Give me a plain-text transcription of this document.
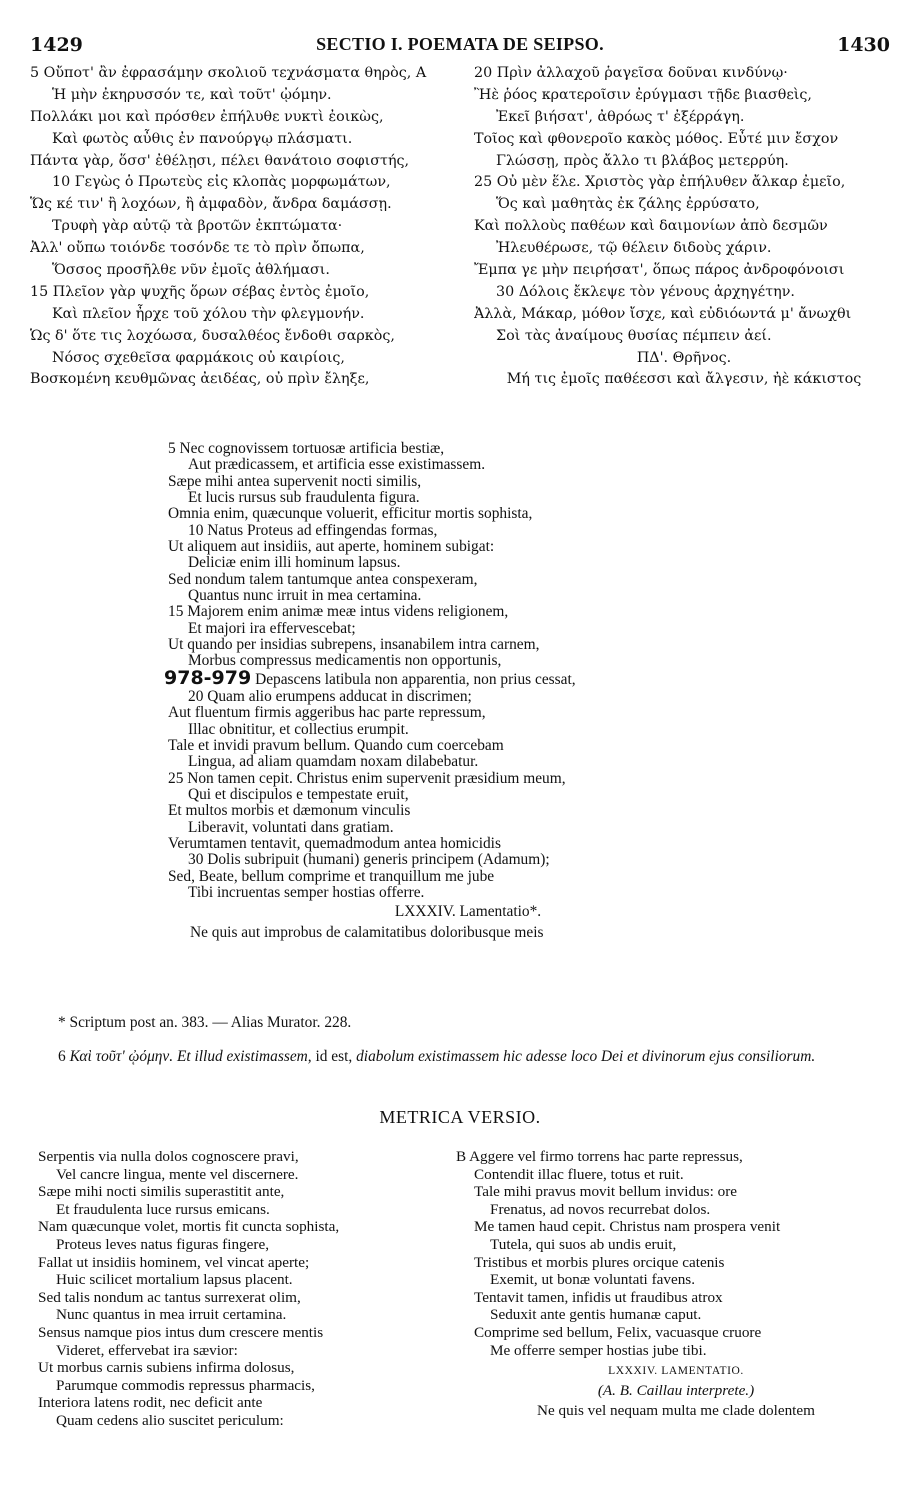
1429	SECTIO I. POEMATA DE SEIPSO.	1430
5 Οὔποτ' ἂν ἐφρασάμην σκολιοῦ τεχνάσματα θηρὸς, A
Ἡ μὴν ἐκηρυσσόν τε, καὶ τοῦτ' ᾠόμην.
Πολλάκι μοι καὶ πρόσθεν ἐπήλυθε νυκτὶ ἐοικὼς,
Καὶ φωτὸς αὖθις ἐν πανούργῳ πλάσματι.
Πάντα γὰρ, ὅσσ' ἐθέλῃσι, πέλει θανάτοιο σοφιστής,
10 Γεγὼς ὁ Πρωτεὺς εἰς κλοπὰς μορφωμάτων,
Ὥς κέ τιν' ἢ λοχόων, ἢ ἀμφαδὸν, ἄνδρα δαμάσσῃ.
Τρυφὴ γὰρ αὐτῷ τὰ βροτῶν ἐκπτώματα·
Ἀλλ' οὔπω τοιόνδε τοσόνδε τε τὸ πρὶν ὄπωπα,
Ὅσσος προσῆλθε νῦν ἐμοῖς ἀθλήμασι.
15 Πλεῖον γὰρ ψυχῆς ὅρων σέβας ἐντὸς ἐμοῖο,
Καὶ πλεῖον ἦρχε τοῦ χόλου τὴν φλεγμονήν.
Ὡς δ' ὅτε τις λοχόωσα, δυσαλθέος ἔνδοθι σαρκὸς,
Νόσος σχεθεῖσα φαρμάκοις οὐ καιρίοις,
Βοσκομένη κευθμῶνας ἀειδέας, οὐ πρὶν ἔληξε,
20 Πρὶν ἀλλαχοῦ ῥαγεῖσα δοῦναι κινδύνῳ·
Ἢὲ ῥόος κρατεροῖσιν ἐρύγμασι τῇδε βιασθεὶς,
Ἐκεῖ βιήσατ', ἀθρόως τ' ἐξέρράγη.
Τοῖος καὶ φθονεροῖο κακὸς μόθος. Εὖτέ μιν ἔσχον
Γλώσσῃ, πρὸς ἄλλο τι βλάβος μετερρύη.
25 Οὐ μὲν ἕλε. Χριστὸς γὰρ ἐπήλυθεν ἄλκαρ ἐμεῖο,
Ὅς καὶ μαθητὰς ἐκ ζάλης ἐρρύσατο,
Καὶ πολλοὺς παθέων καὶ δαιμονίων ἀπὸ δεσμῶν
Ἠλευθέρωσε, τῷ θέλειν διδοὺς χάριν.
Ἔμπα γε μὴν πειρήσατ', ὅπως πάρος ἀνδροφόνοισι
30 Δόλοις ἔκλεψε τὸν γένους ἀρχηγέτην.
Ἀλλὰ, Μάκαρ, μόθον ἴσχε, καὶ εὐδιόωντά μ' ἄνωχθι
Σοὶ τὰς ἀναίμους θυσίας πέμπειν ἀεί.
ΠΔ'. Θρῆνος.
Μή τις ἐμοῖς παθέεσσι καὶ ἄλγεσιν, ἠὲ κάκιστος
5 Nec cognovissem tortuosæ artificia bestiæ,
Aut prædicassem, et artificia esse existimassem.
Sæpe mihi antea supervenit nocti similis,
Et lucis rursus sub fraudulenta figura.
Omnia enim, quæcunque voluerit, efficitur mortis sophista,
10 Natus Proteus ad effingendas formas,
Ut aliquem aut insidiis, aut aperte, hominem subigat:
Deliciæ enim illi hominum lapsus.
Sed nondum talem tantumque antea conspexeram,
Quantus nunc irruit in mea certamina.
15 Majorem enim animæ meæ intus videns religionem,
Et majori ira effervescebat;
Ut quando per insidias subrepens, insanabilem intra carnem,
Morbus compressus medicamentis non opportunis,
978-979 Depascens latibula non apparentia, non prius cessat,
20 Quam alio erumpens adducat in discrimen;
Aut fluentum firmis aggeribus hac parte repressum,
Illac obnititur, et collectius erumpit.
Tale et invidi pravum bellum. Quando cum coercebam
Lingua, ad aliam quamdam noxam dilabebatur.
25 Non tamen cepit. Christus enim supervenit præsidium meum,
Qui et discipulos e tempestate eruit,
Et multos morbis et dæmonum vinculis
Liberavit, voluntati dans gratiam.
Verumtamen tentavit, quemadmodum antea homicidis
30 Dolis subripuit (humani) generis principem (Adamum);
Sed, Beate, bellum comprime et tranquillum me jube
Tibi incruentas semper hostias offerre.
LXXXIV. Lamentatio*.
Ne quis aut improbus de calamitatibus doloribusque meis
* Scriptum post an. 383. — Alias Murator. 228.
6 Καὶ τοῦτ' ᾠόμην. Et illud existimassem, id est, diabolum existimassem hic adesse loco Dei et divinorum ejus consiliorum.
METRICA VERSIO.
Serpentis via nulla dolos cognoscere pravi,
Vel cancre lingua, mente vel discernere.
Sæpe mihi nocti similis superastitit ante,
Et fraudulenta luce rursus emicans.
Nam quæcunque volet, mortis fit cuncta sophista,
Proteus leves natus figuras fingere,
Fallat ut insidiis hominem, vel vincat aperte;
Huic scilicet mortalium lapsus placent.
Sed talis nondum ac tantus surrexerat olim,
Nunc quantus in mea irruit certamina.
Sensus namque pios intus dum crescere mentis
Videret, effervebat ira sævior:
Ut morbus carnis subiens infirma dolosus,
Parumque commodis repressus pharmacis,
Interiora latens rodit, nec deficit ante
Quam cedens alio suscitet periculum:
B Aggere vel firmo torrens hac parte repressus,
Contendit illac fluere, totus et ruit.
Tale mihi pravus movit bellum invidus: ore
Frenatus, ad novos recurrebat dolos.
Me tamen haud cepit. Christus nam prospera venit
Tutela, qui suos ab undis eruit,
Tristibus et morbis plures orcique catenis
Exemit, ut bonæ voluntati favens.
Tentavit tamen, infidis ut fraudibus atrox
Seduxit ante gentis humanæ caput.
Comprime sed bellum, Felix, vacuasque cruore
Me offerre semper hostias jube tibi.
LXXXIV. LAMENTATIO.
(A. B. Caillau interprete.)
Ne quis vel nequam multa me clade dolentem
